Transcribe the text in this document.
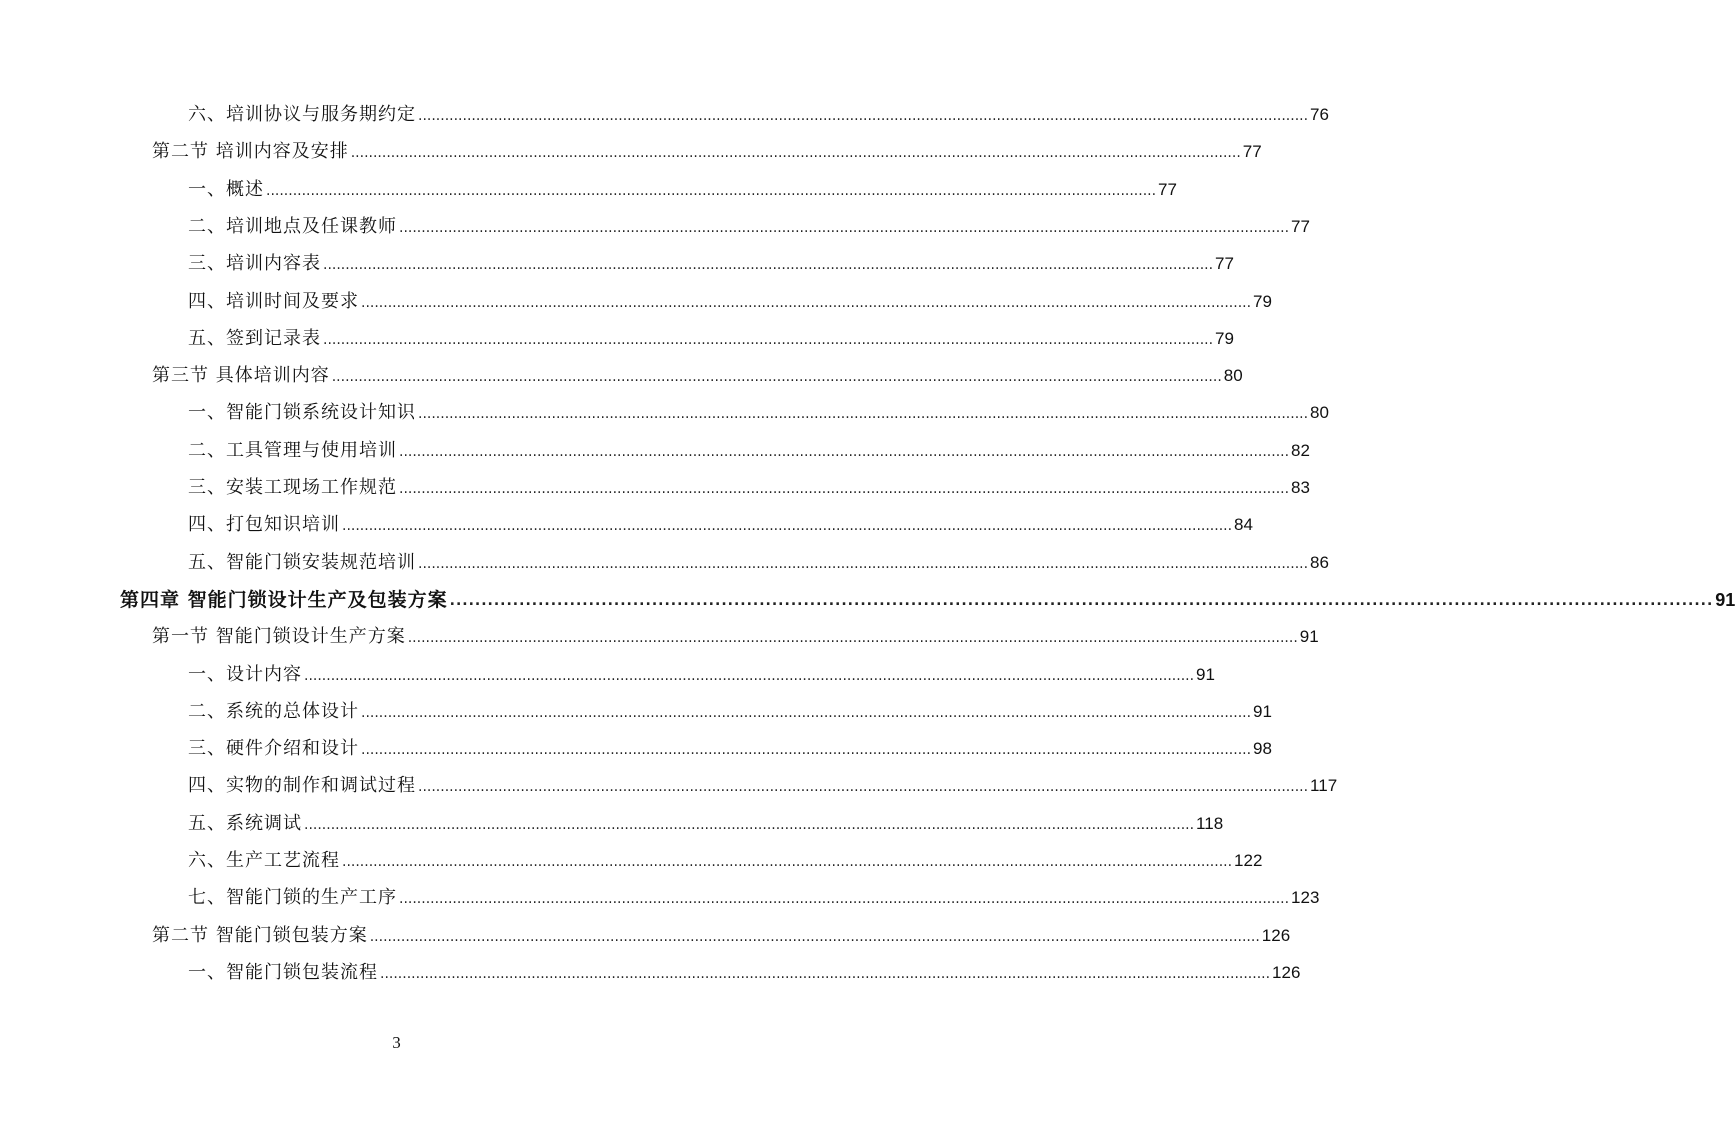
六、培训协议与服务期约定 ........................................................................................................................................................................................................ 76
第二节 培训内容及安排 ........................................................................................................................................................................................................ 77
一、概述 ........................................................................................................................................................................................................ 77
二、培训地点及任课教师 ........................................................................................................................................................................................................ 77
三、培训内容表 ........................................................................................................................................................................................................ 77
四、培训时间及要求 ........................................................................................................................................................................................................ 79
五、签到记录表 ........................................................................................................................................................................................................ 79
第三节 具体培训内容 ........................................................................................................................................................................................................ 80
一、智能门锁系统设计知识 ........................................................................................................................................................................................................ 80
二、工具管理与使用培训 ........................................................................................................................................................................................................ 82
三、安装工现场工作规范 ........................................................................................................................................................................................................ 83
四、打包知识培训 ........................................................................................................................................................................................................ 84
五、智能门锁安装规范培训 ........................................................................................................................................................................................................ 86
第四章 智能门锁设计生产及包装方案 ........................................................................................................................................................................................................ 91
第一节 智能门锁设计生产方案 ........................................................................................................................................................................................................ 91
一、设计内容 ........................................................................................................................................................................................................ 91
二、系统的总体设计 ........................................................................................................................................................................................................ 91
三、硬件介绍和设计 ........................................................................................................................................................................................................ 98
四、实物的制作和调试过程 ........................................................................................................................................................................................................ 117
五、系统调试 ........................................................................................................................................................................................................ 118
六、生产工艺流程 ........................................................................................................................................................................................................ 122
七、智能门锁的生产工序 ........................................................................................................................................................................................................ 123
第二节 智能门锁包装方案 ........................................................................................................................................................................................................ 126
一、智能门锁包装流程 ........................................................................................................................................................................................................ 126
3
